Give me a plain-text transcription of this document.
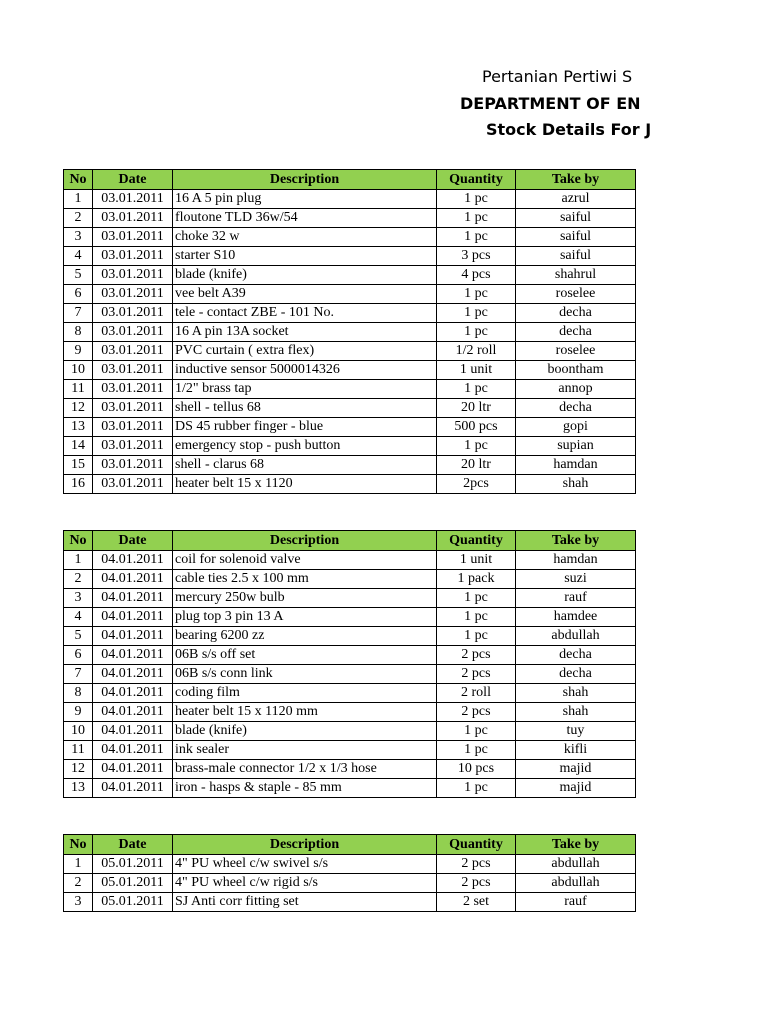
Pertanian Pertiwi S
DEPARTMENT OF EN
Stock Details For J
No	Date	Description	Quantity	Take by
1	03.01.2011	16 A 5 pin plug	1 pc	azrul
2	03.01.2011	floutone TLD 36w/54	1 pc	saiful
3	03.01.2011	choke 32 w	1 pc	saiful
4	03.01.2011	starter S10	3 pcs	saiful
5	03.01.2011	blade (knife)	4 pcs	shahrul
6	03.01.2011	vee belt A39	1 pc	roselee
7	03.01.2011	tele - contact ZBE - 101 No.	1 pc	decha
8	03.01.2011	16 A pin 13A socket	1 pc	decha
9	03.01.2011	PVC curtain ( extra flex)	1/2 roll	roselee
10	03.01.2011	inductive sensor 5000014326	1 unit	boontham
11	03.01.2011	1/2" brass tap	1 pc	annop
12	03.01.2011	shell - tellus 68	20 ltr	decha
13	03.01.2011	DS 45 rubber finger - blue	500 pcs	gopi
14	03.01.2011	emergency stop - push button	1 pc	supian
15	03.01.2011	shell - clarus 68	20 ltr	hamdan
16	03.01.2011	heater belt 15 x 1120	2pcs	shah
No	Date	Description	Quantity	Take by
1	04.01.2011	coil for solenoid valve	1 unit	hamdan
2	04.01.2011	cable ties 2.5 x 100 mm	1 pack	suzi
3	04.01.2011	mercury 250w bulb	1 pc	rauf
4	04.01.2011	plug top 3 pin 13 A	1 pc	hamdee
5	04.01.2011	bearing 6200 zz	1 pc	abdullah
6	04.01.2011	06B s/s off set	2 pcs	decha
7	04.01.2011	06B s/s conn link	2 pcs	decha
8	04.01.2011	coding film	2 roll	shah
9	04.01.2011	heater belt 15 x 1120 mm	2 pcs	shah
10	04.01.2011	blade (knife)	1 pc	tuy
11	04.01.2011	ink sealer	1 pc	kifli
12	04.01.2011	brass-male connector 1/2 x 1/3 hose	10 pcs	majid
13	04.01.2011	iron - hasps & staple - 85 mm	1 pc	majid
No	Date	Description	Quantity	Take by
1	05.01.2011	4" PU wheel c/w swivel s/s	2 pcs	abdullah
2	05.01.2011	4" PU wheel c/w rigid s/s	2 pcs	abdullah
3	05.01.2011	SJ Anti corr fitting set	2 set	rauf
